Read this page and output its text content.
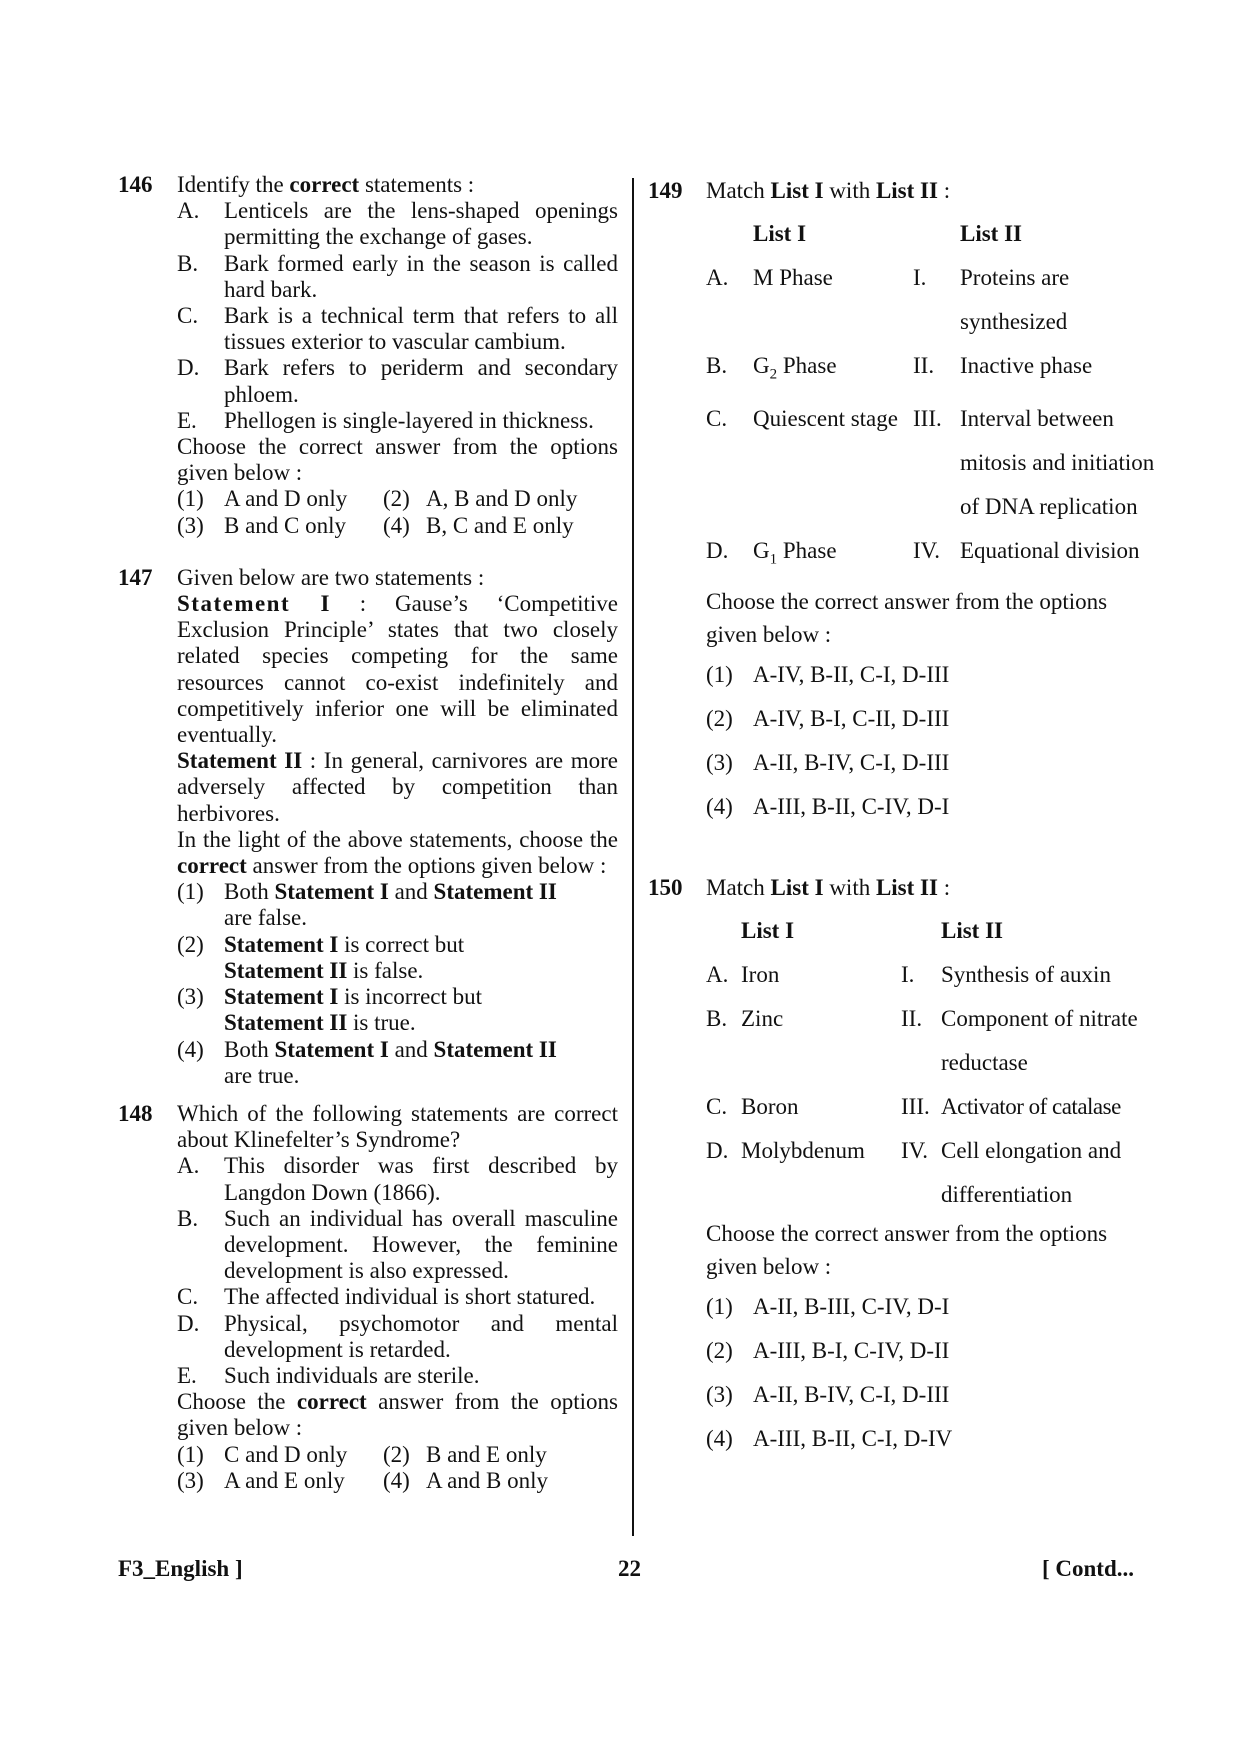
146 Identify the correct statements :
A. Lenticels are the lens-shaped openings permitting the exchange of gases.
B. Bark formed early in the season is called hard bark.
C. Bark is a technical term that refers to all tissues exterior to vascular cambium.
D. Bark refers to periderm and secondary phloem.
E. Phellogen is single-layered in thickness.
Choose the correct answer from the options given below :
(1) A and D only	(2) A, B and D only
(3) B and C only	(4) B, C and E only
147 Given below are two statements :
Statement I : Gause’s ‘Competitive Exclusion Principle’ states that two closely related species competing for the same resources cannot co-exist indefinitely and competitively inferior one will be eliminated eventually.
Statement II : In general, carnivores are more adversely affected by competition than herbivores.
In the light of the above statements, choose the correct answer from the options given below :
(1) Both Statement I and Statement II
are false.
(2) Statement I is correct but
Statement II is false.
(3) Statement I is incorrect but
Statement II is true.
(4) Both Statement I and Statement II
are true.
148 Which of the following statements are correct about Klinefelter’s Syndrome?
A. This disorder was first described by Langdon Down (1866).
B. Such an individual has overall masculine development. However, the feminine development is also expressed.
C. The affected individual is short statured.
D. Physical, psychomotor and mental development is retarded.
E. Such individuals are sterile.
Choose the correct answer from the options given below :
(1) C and D only	(2) B and E only
(3) A and E only	(4) A and B only
149 Match List I with List II :
	List I		List II
A.	M Phase	I.	Proteins are synthesized
B.	$G_2$ Phase	II.	Inactive phase
C.	Quiescent stage	III.	Interval between mitosis and initiation of DNA replication
D.	$G_1$ Phase	IV.	Equational division
Choose the correct answer from the options given below :
(1) A-IV, B-II, C-I, D-III
(2) A-IV, B-I, C-II, D-III
(3) A-II, B-IV, C-I, D-III
(4) A-III, B-II, C-IV, D-I
150 Match List I with List II :
	List I		List II
A.	Iron	I.	Synthesis of auxin
B.	Zinc	II.	Component of nitrate reductase
C.	Boron	III.	Activator of catalase
D.	Molybdenum	IV.	Cell elongation and differentiation
Choose the correct answer from the options given below :
(1) A-II, B-III, C-IV, D-I
(2) A-III, B-I, C-IV, D-II
(3) A-II, B-IV, C-I, D-III
(4) A-III, B-II, C-I, D-IV
F3_English ]	22	[ Contd...
